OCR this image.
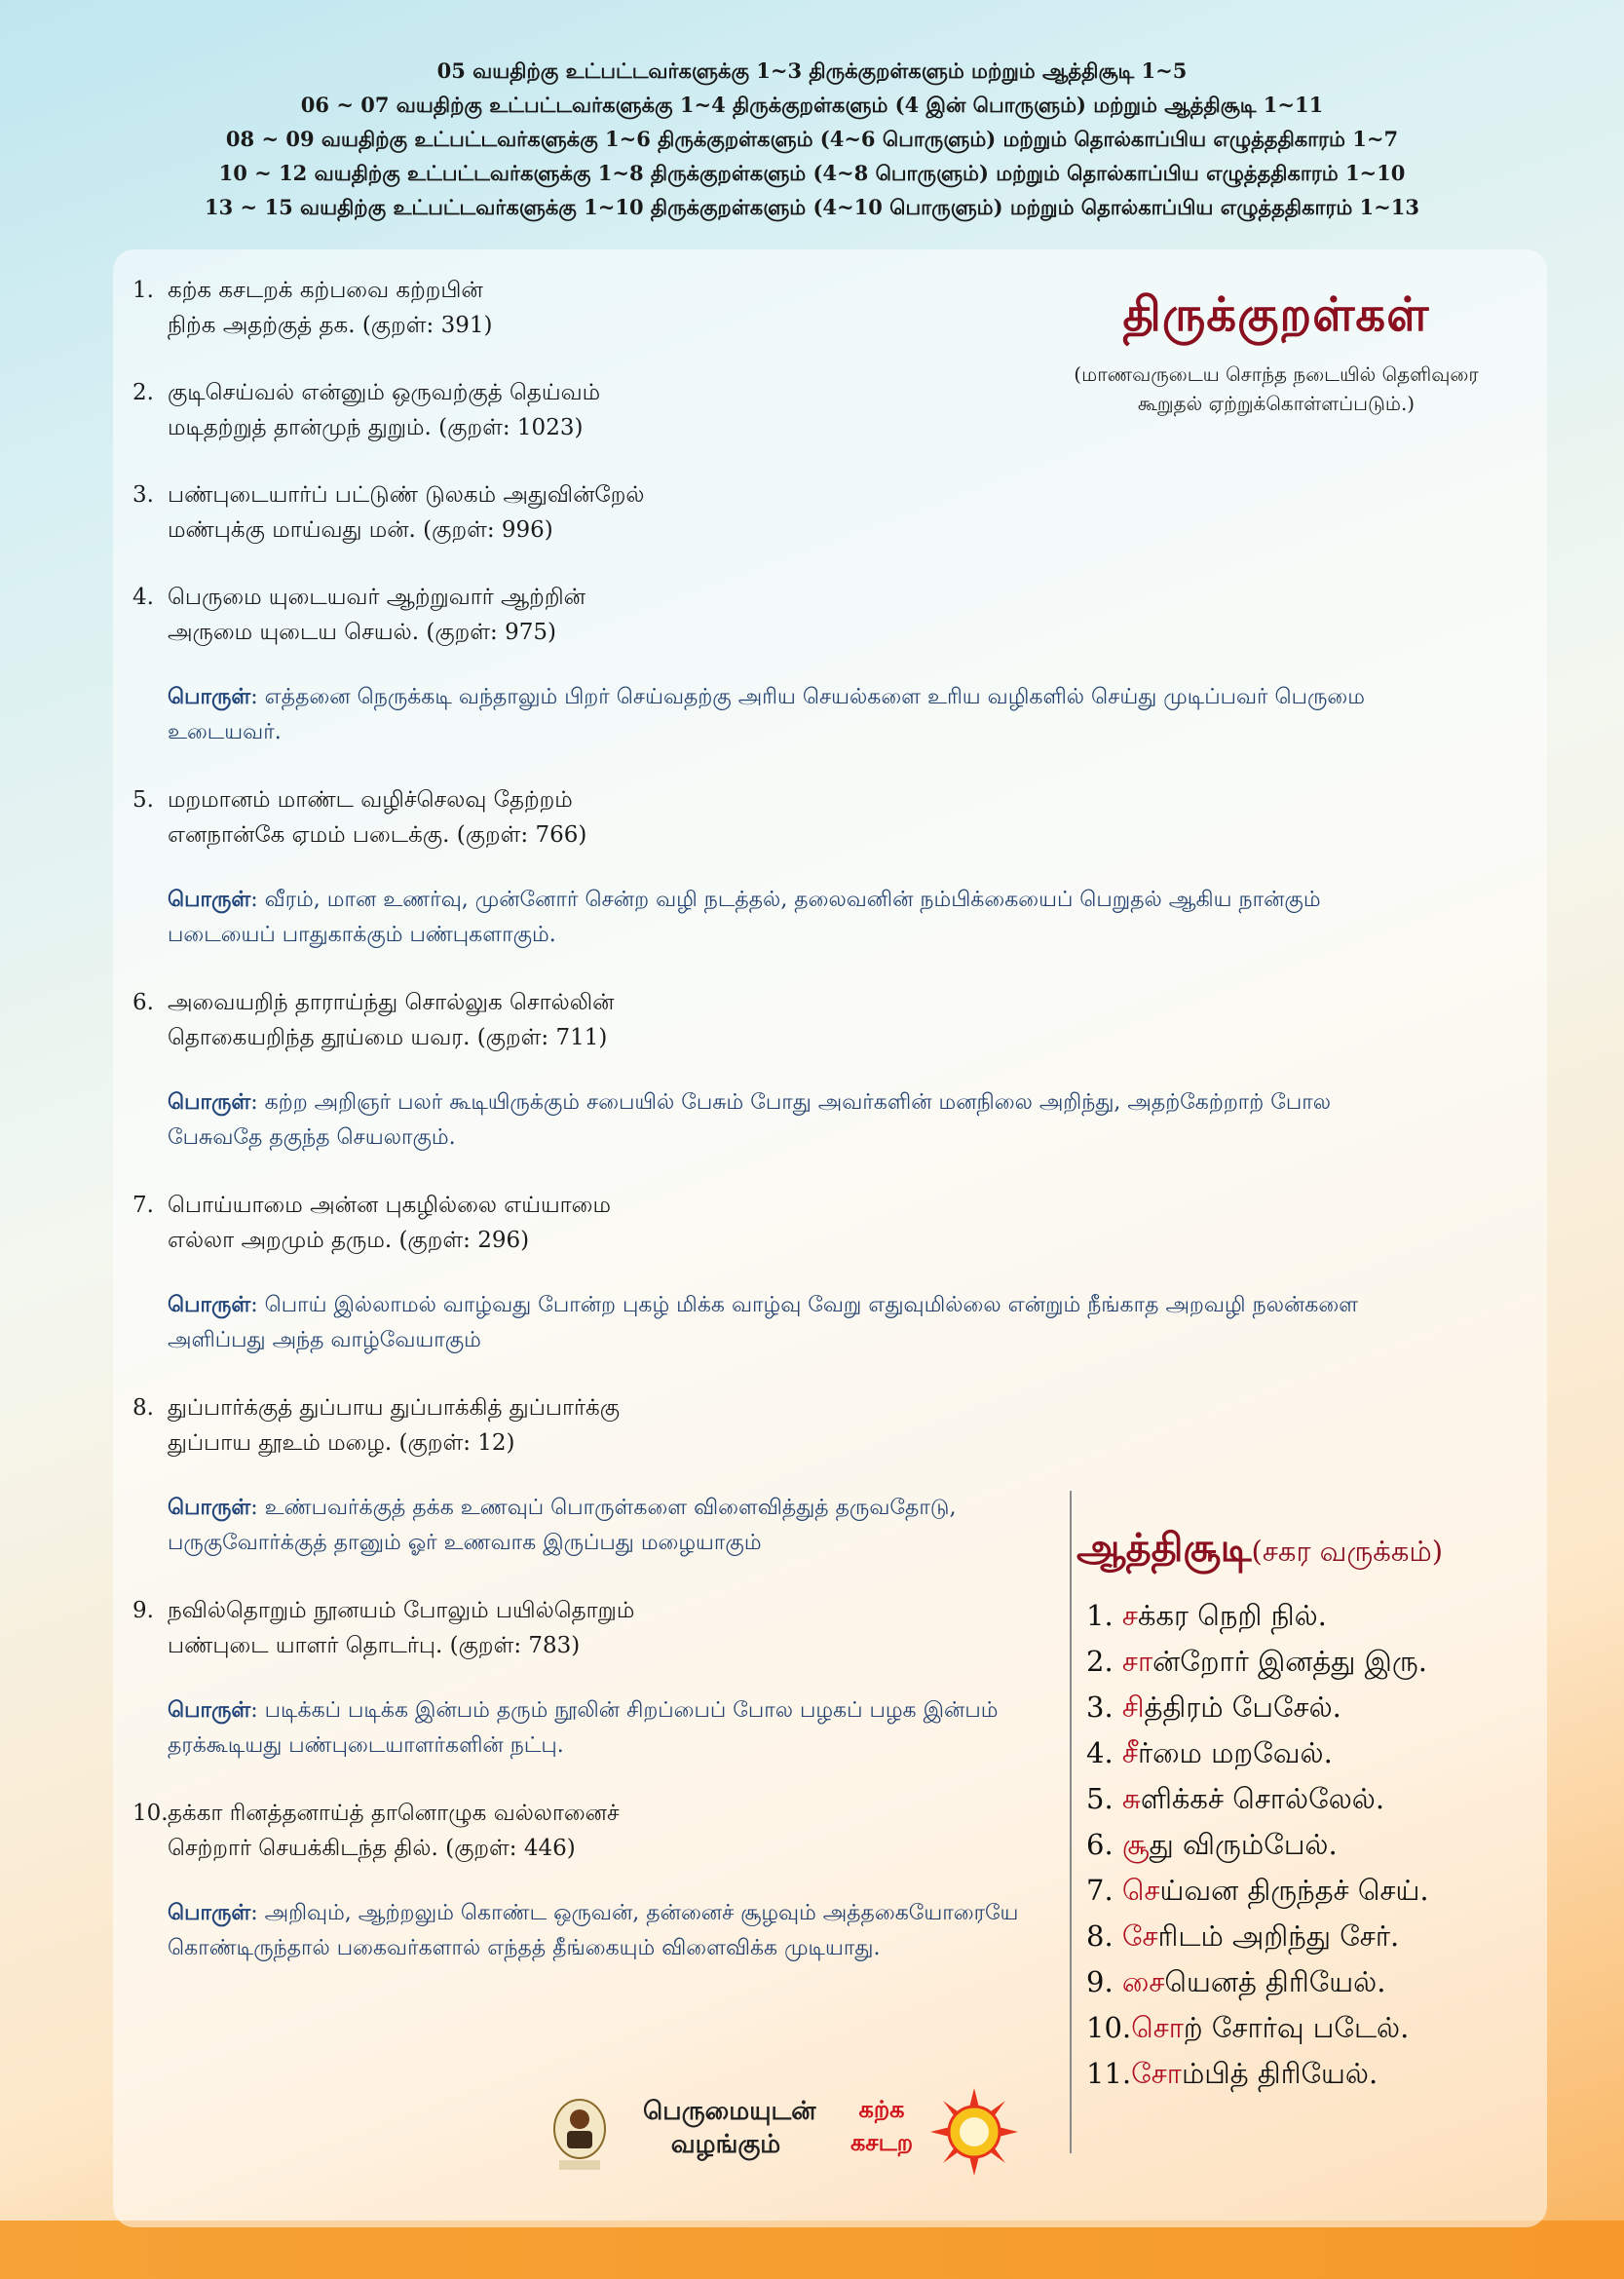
05 வயதிற்கு உட்பட்டவர்களுக்கு 1~3 திருக்குறள்களும் மற்றும் ஆத்திசூடி 1~5
06 ~ 07 வயதிற்கு உட்பட்டவர்களுக்கு 1~4 திருக்குறள்களும் (4 இன் பொருளும்) மற்றும் ஆத்திசூடி 1~11
08 ~ 09 வயதிற்கு உட்பட்டவர்களுக்கு 1~6 திருக்குறள்களும் (4~6 பொருளும்) மற்றும் தொல்காப்பிய எழுத்ததிகாரம் 1~7
10 ~ 12 வயதிற்கு உட்பட்டவர்களுக்கு 1~8 திருக்குறள்களும் (4~8 பொருளும்) மற்றும் தொல்காப்பிய எழுத்ததிகாரம் 1~10
13 ~ 15 வயதிற்கு உட்பட்டவர்களுக்கு 1~10 திருக்குறள்களும் (4~10 பொருளும்) மற்றும் தொல்காப்பிய எழுத்ததிகாரம் 1~13
திருக்குறள்கள்
(மாணவருடைய சொந்த நடையில் தெளிவுரை
கூறுதல் ஏற்றுக்கொள்ளப்படும்.)
1. கற்க கசடறக் கற்பவை கற்றபின்
நிற்க அதற்குத் தக. (குறள்: 391)
2. குடிசெய்வல் என்னும் ஒருவற்குத் தெய்வம்
மடிதற்றுத் தான்முந் துறும். (குறள்: 1023)
3. பண்புடையார்ப் பட்டுண் டுலகம் அதுவின்றேல்
மண்புக்கு மாய்வது மன். (குறள்: 996)
4. பெருமை யுடையவர் ஆற்றுவார் ஆற்றின்
அருமை யுடைய செயல். (குறள்: 975)
பொருள்: எத்தனை நெருக்கடி வந்தாலும் பிறர் செய்வதற்கு அரிய செயல்களை உரிய வழிகளில் செய்து முடிப்பவர் பெருமை உடையவர்.
5. மறமானம் மாண்ட வழிச்செலவு தேற்றம்
எனநான்கே ஏமம் படைக்கு. (குறள்: 766)
பொருள்: வீரம், மான உணர்வு, முன்னோர் சென்ற வழி நடத்தல், தலைவனின் நம்பிக்கையைப் பெறுதல் ஆகிய நான்கும் படையைப் பாதுகாக்கும் பண்புகளாகும்.
6. அவையறிந் தாராய்ந்து சொல்லுக சொல்லின்
தொகையறிந்த தூய்மை யவர. (குறள்: 711)
பொருள்: கற்ற அறிஞர் பலர் கூடியிருக்கும் சபையில் பேசும் போது அவர்களின் மனநிலை அறிந்து, அதற்கேற்றாற் போல பேசுவதே தகுந்த செயலாகும்.
7. பொய்யாமை அன்ன புகழில்லை எய்யாமை
எல்லா அறமும் தரும. (குறள்: 296)
பொருள்: பொய் இல்லாமல் வாழ்வது போன்ற புகழ் மிக்க வாழ்வு வேறு எதுவுமில்லை என்றும் நீங்காத அறவழி நலன்களை அளிப்பது அந்த வாழ்வேயாகும்
8. துப்பார்க்குத் துப்பாய துப்பாக்கித் துப்பார்க்கு
துப்பாய தூஉம் மழை. (குறள்: 12)
பொருள்: உண்பவர்க்குத் தக்க உணவுப் பொருள்களை விளைவித்துத் தருவதோடு, பருகுவோர்க்குத் தானும் ஓர் உணவாக இருப்பது மழையாகும்
9. நவில்தொறும் நூனயம் போலும் பயில்தொறும்
பண்புடை யாளர் தொடர்பு. (குறள்: 783)
பொருள்: படிக்கப் படிக்க இன்பம் தரும் நூலின் சிறப்பைப் போல பழகப் பழக இன்பம் தரக்கூடியது பண்புடையாளர்களின் நட்பு.
10.தக்கா ரினத்தனாய்த் தானொழுக வல்லானைச்
செற்றார் செயக்கிடந்த தில். (குறள்: 446)
பொருள்: அறிவும், ஆற்றலும் கொண்ட ஒருவன், தன்னைச் சூழவும் அத்தகையோரையே கொண்டிருந்தால் பகைவர்களால் எந்தத் தீங்கையும் விளைவிக்க முடியாது.
ஆத்திசூடி(சகர வருக்கம்)
1. சக்கர நெறி நில்.
2. சான்றோர் இனத்து இரு.
3. சித்திரம் பேசேல்.
4. சீர்மை மறவேல்.
5. சுளிக்கச் சொல்லேல்.
6. சூது விரும்பேல்.
7. செய்வன திருந்தச் செய்.
8. சேரிடம் அறிந்து சேர்.
9. சையெனத் திரியேல்.
10.சொற் சோர்வு படேல்.
11.சோம்பித் திரியேல்.
பெருமையுடன்
வழங்கும்
கற்க
கசடற
